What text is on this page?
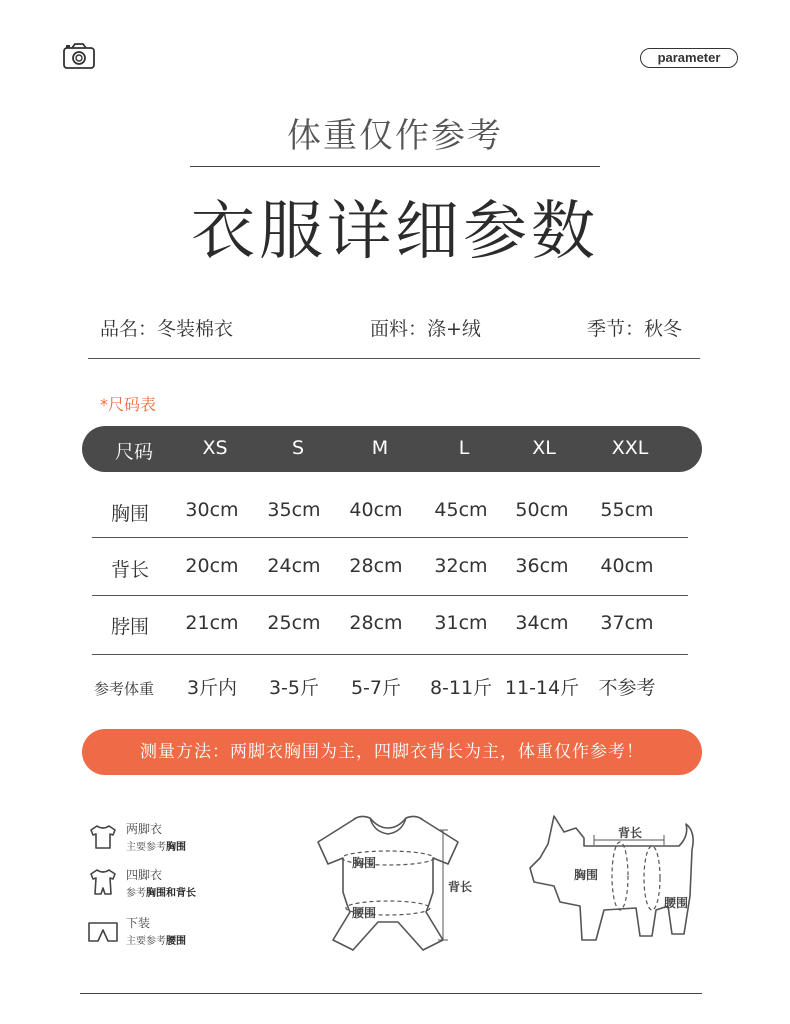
parameter
体重仅作参考
衣服详细参数
品名：冬装棉衣	面料：涤+绒	季节：秋冬
*尺码表
尺码	XS	S	M	L	XL	XXL
胸围	30cm	35cm	40cm	45cm	50cm	55cm
背长	20cm	24cm	28cm	32cm	36cm	40cm
脖围	21cm	25cm	28cm	31cm	34cm	37cm
参考体重	3斤内	3-5斤	5-7斤	8-11斤 11-14斤	不参考
测量方法：两脚衣胸围为主，四脚衣背长为主，体重仅作参考！
两脚衣
主要参考胸围
四脚衣
参考胸围和背长
下装
主要参考腰围
胸围
腰围
背长
背长
胸围
腰围
